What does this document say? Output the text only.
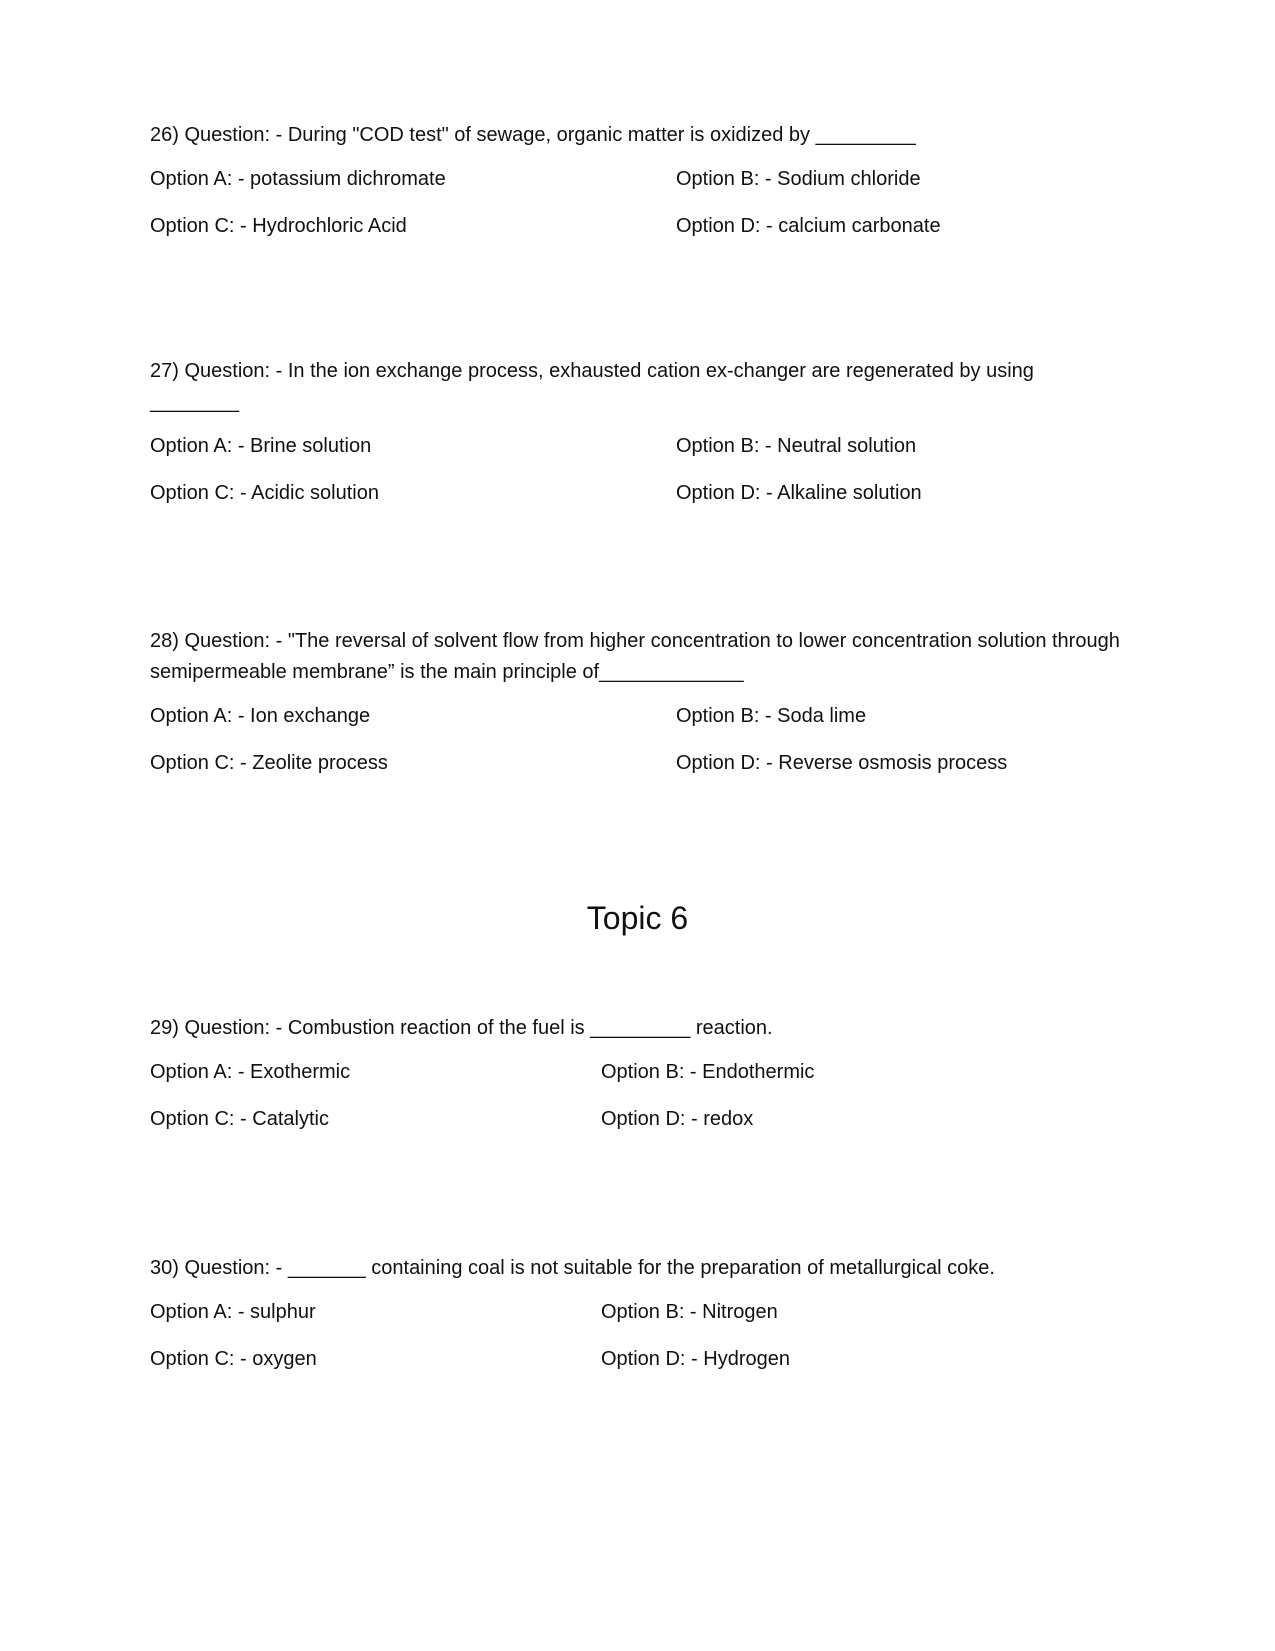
26) Question: - During "COD test" of sewage, organic matter is oxidized by _________

Option A: - potassium dichromate	Option B: - Sodium chloride
Option C: - Hydrochloric Acid	Option D: - calcium carbonate

27) Question: - In the ion exchange process, exhausted cation ex-changer are regenerated by using ________

Option A: - Brine solution	Option B: - Neutral solution
Option C: - Acidic solution	Option D: - Alkaline solution

28) Question: - "The reversal of solvent flow from higher concentration to lower concentration solution through semipermeable membrane” is the main principle of_____________

Option A: - Ion exchange	Option B: - Soda lime
Option C: - Zeolite process	Option D: - Reverse osmosis process
Topic 6

29) Question: - Combustion reaction of the fuel is _________ reaction.

Option A: - Exothermic	Option B: - Endothermic
Option C: - Catalytic	Option D: - redox

30) Question: - _______ containing coal is not suitable for the preparation of metallurgical coke.

Option A: - sulphur	Option B: - Nitrogen
Option C: - oxygen	Option D: - Hydrogen
